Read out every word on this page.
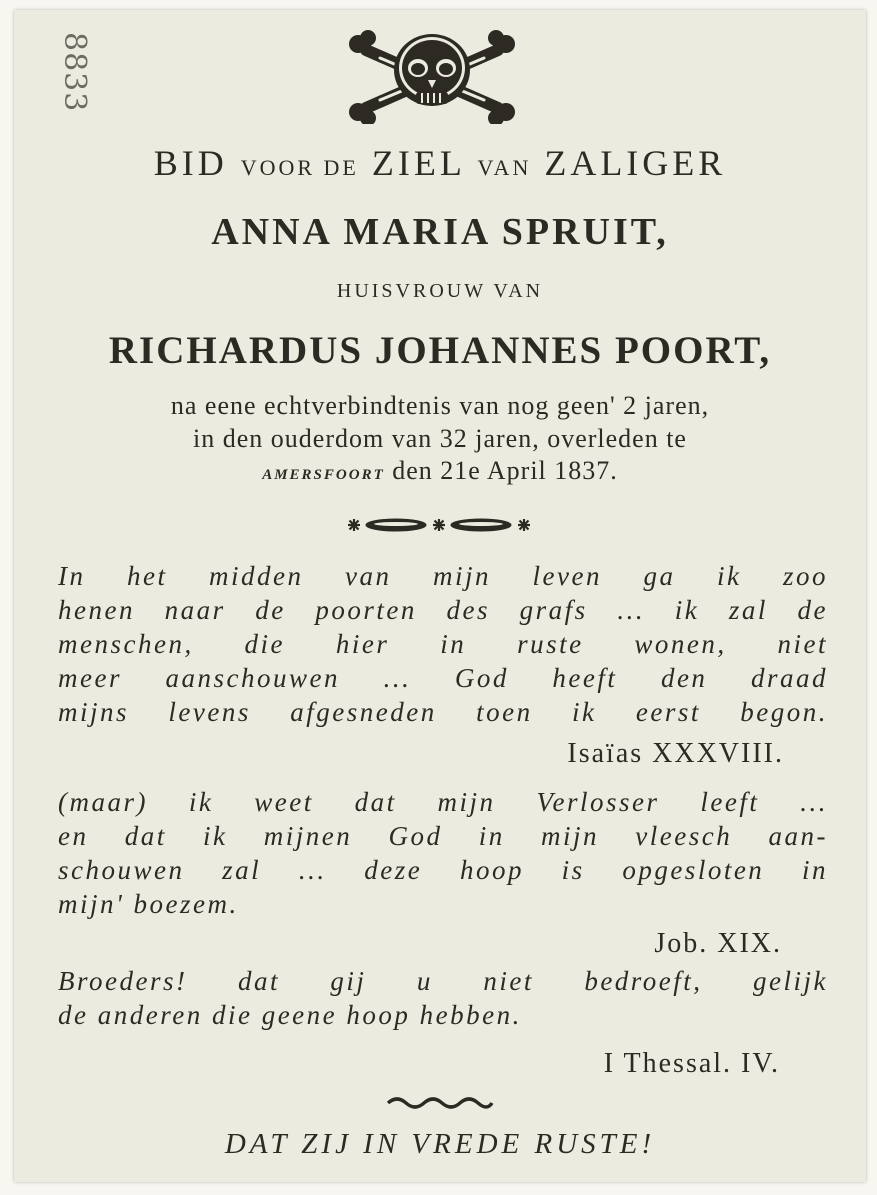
8833
BID VOOR DE ZIEL VAN ZALIGER
ANNA MARIA SPRUIT,
HUISVROUW VAN
RICHARDUS JOHANNES POORT,
na eene echtverbindtenis van nog geen' 2 jaren,
in den ouderdom van 32 jaren, overleden te
AMERSFOORT den 21e April 1837.
In het midden van mijn leven ga ik zoo
henen naar de poorten des grafs ... ik zal de
menschen, die hier in ruste wonen, niet
meer aanschouwen ... God heeft den draad
mijns levens afgesneden toen ik eerst begon.
Isaïas XXXVIII.
(maar) ik weet dat mijn Verlosser leeft ...
en dat ik mijnen God in mijn vleesch aan-
schouwen zal ... deze hoop is opgesloten in
mijn' boezem.
Job. XIX.
Broeders! dat gij u niet bedroeft, gelijk
de anderen die geene hoop hebben.
I Thessal. IV.
DAT ZIJ IN VREDE RUSTE!
